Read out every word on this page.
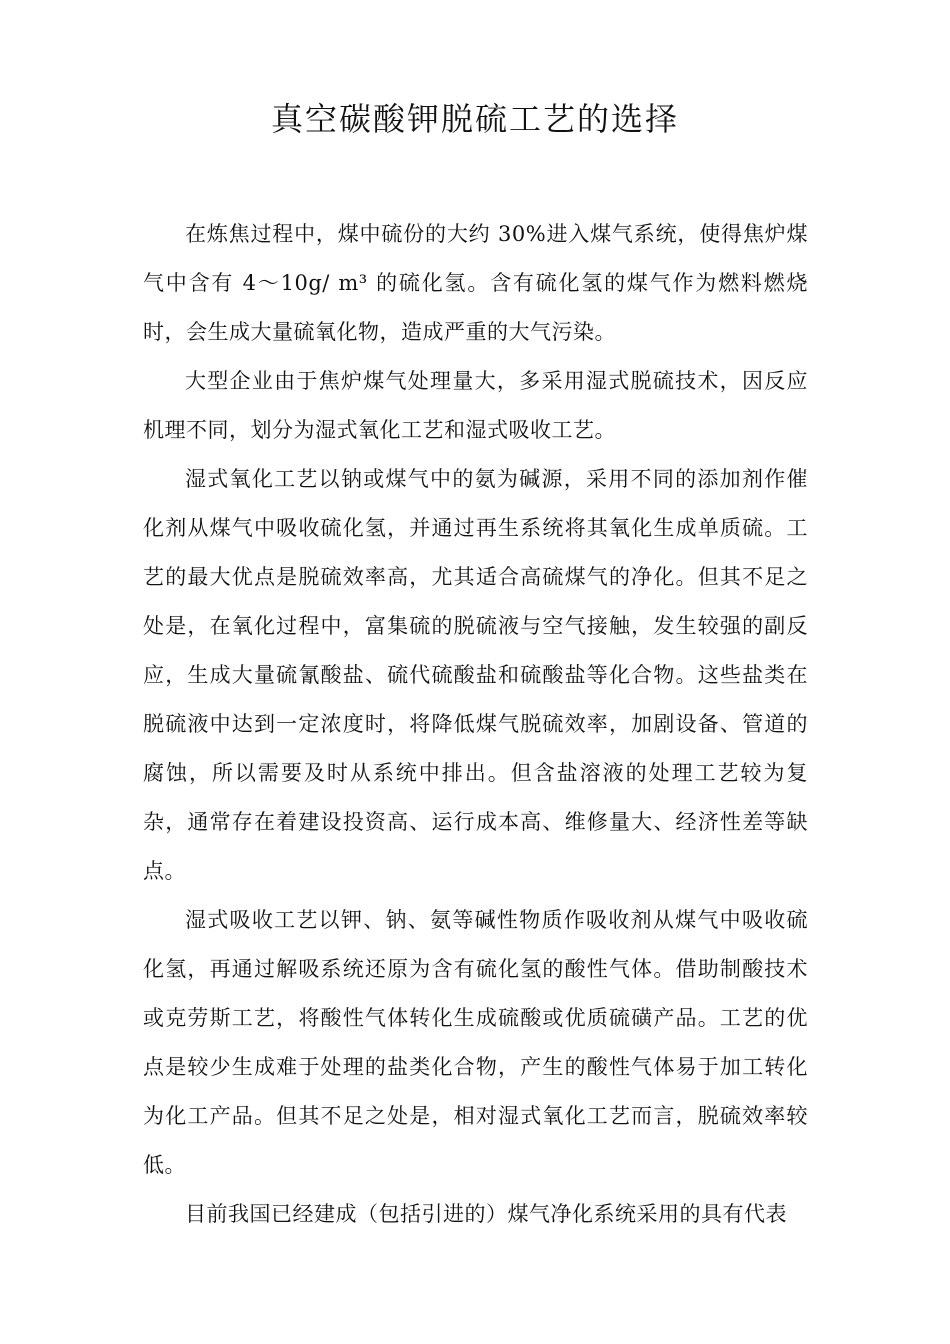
真空碳酸钾脱硫工艺的选择

在炼焦过程中，煤中硫份的大约 30%进入煤气系统，使得焦炉煤气中含有 4～10g/ m³ 的硫化氢。含有硫化氢的煤气作为燃料燃烧时，会生成大量硫氧化物，造成严重的大气污染。

大型企业由于焦炉煤气处理量大，多采用湿式脱硫技术，因反应机理不同，划分为湿式氧化工艺和湿式吸收工艺。

湿式氧化工艺以钠或煤气中的氨为碱源，采用不同的添加剂作催化剂从煤气中吸收硫化氢，并通过再生系统将其氧化生成单质硫。工艺的最大优点是脱硫效率高，尤其适合高硫煤气的净化。但其不足之处是，在氧化过程中，富集硫的脱硫液与空气接触，发生较强的副反应，生成大量硫氰酸盐、硫代硫酸盐和硫酸盐等化合物。这些盐类在脱硫液中达到一定浓度时，将降低煤气脱硫效率，加剧设备、管道的腐蚀，所以需要及时从系统中排出。但含盐溶液的处理工艺较为复杂，通常存在着建设投资高、运行成本高、维修量大、经济性差等缺点。

湿式吸收工艺以钾、钠、氨等碱性物质作吸收剂从煤气中吸收硫化氢，再通过解吸系统还原为含有硫化氢的酸性气体。借助制酸技术或克劳斯工艺，将酸性气体转化生成硫酸或优质硫磺产品。工艺的优点是较少生成难于处理的盐类化合物，产生的酸性气体易于加工转化为化工产品。但其不足之处是，相对湿式氧化工艺而言，脱硫效率较低。

目前我国已经建成（包括引进的）煤气净化系统采用的具有代表
